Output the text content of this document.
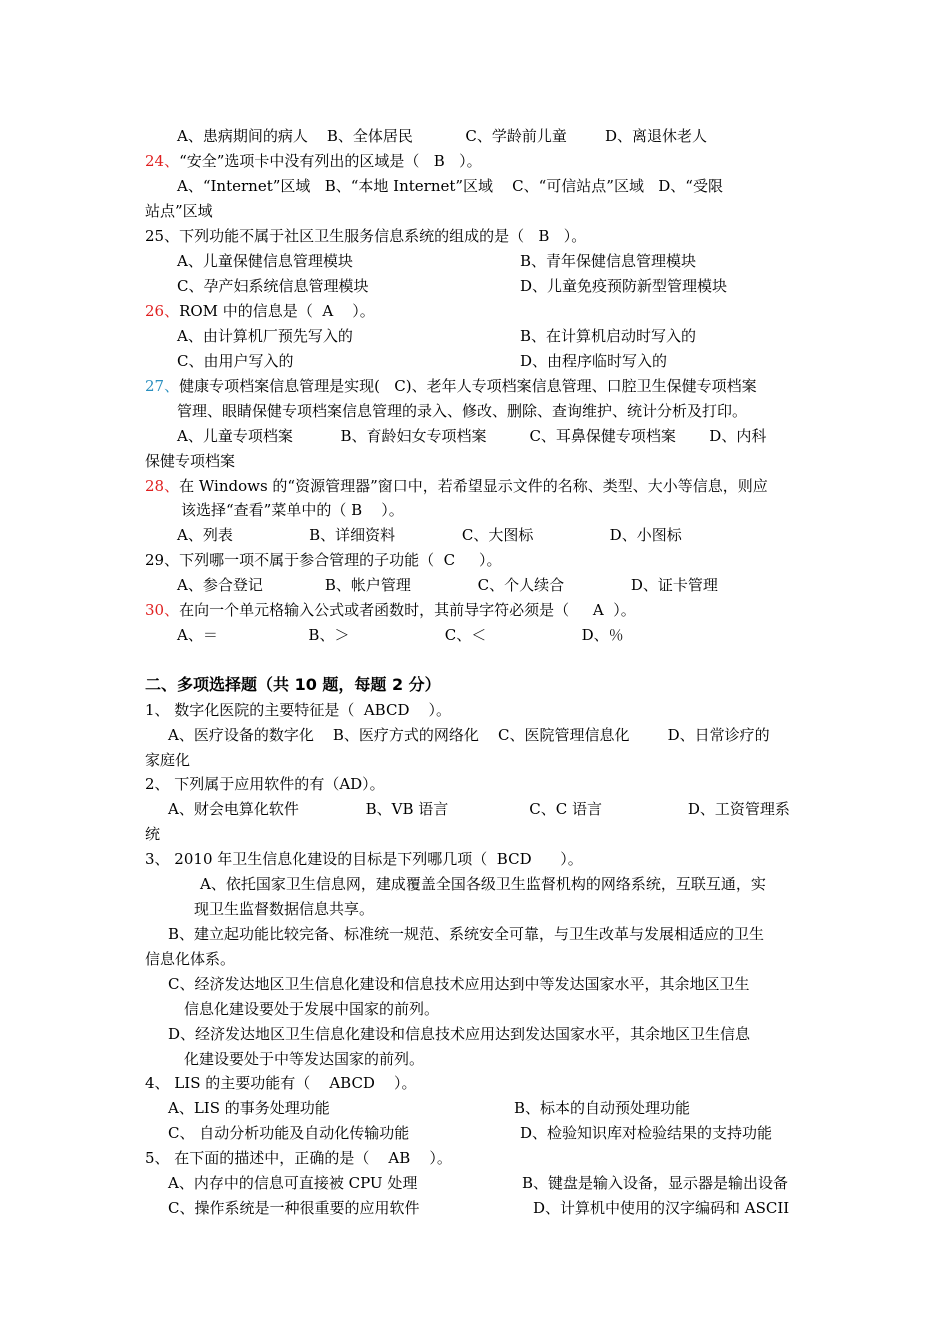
A、患病期间的病人    B、全体居民           C、学龄前儿童        D、离退休老人
24、“安全”选项卡中没有列出的区域是（   B   ）。
A、“Internet”区域   B、“本地 Internet”区域    C、“可信站点”区域   D、“受限
站点”区域
25、下列功能不属于社区卫生服务信息系统的组成的是（   B   ）。
A、儿童保健信息管理模块	B、青年保健信息管理模块
C、孕产妇系统信息管理模块	D、儿童免疫预防新型管理模块
26、ROM 中的信息是（  A    ）。
A、由计算机厂预先写入的	B、在计算机启动时写入的
C、由用户写入的	D、由程序临时写入的
27、健康专项档案信息管理是实现(   C)、老年人专项档案信息管理、口腔卫生保健专项档案
管理、眼睛保健专项档案信息管理的录入、修改、删除、查询维护、统计分析及打印。
A、儿童专项档案          B、育龄妇女专项档案         C、耳鼻保健专项档案       D、内科
保健专项档案
28、在 Windows 的“资源管理器”窗口中，若希望显示文件的名称、类型、大小等信息，则应
该选择“查看”菜单中的（ B    ）。
A、列表                B、详细资料              C、大图标                D、小图标
29、下列哪一项不属于参合管理的子功能（  C     ）。
A、参合登记             B、帐户管理              C、个人续合              D、证卡管理
30、在向一个单元格输入公式或者函数时，其前导字符必须是（     A  ）。
A、＝                   B、＞                    C、＜                    D、％
二、多项选择题（共 10 题，每题 2 分）
1、 数字化医院的主要特征是（  ABCD    ）。
A、医疗设备的数字化    B、医疗方式的网络化    C、医院管理信息化        D、日常诊疗的
家庭化
2、 下列属于应用软件的有（AD）。
A、财会电算化软件              B、VB 语言                 C、C 语言                  D、工资管理系
统
3、 2010 年卫生信息化建设的目标是下列哪几项（  BCD      ）。
A、依托国家卫生信息网，建成覆盖全国各级卫生监督机构的网络系统，互联互通，实
现卫生监督数据信息共享。
B、建立起功能比较完备、标准统一规范、系统安全可靠，与卫生改革与发展相适应的卫生
信息化体系。
C、经济发达地区卫生信息化建设和信息技术应用达到中等发达国家水平，其余地区卫生
信息化建设要处于发展中国家的前列。
D、经济发达地区卫生信息化建设和信息技术应用达到发达国家水平，其余地区卫生信息
化建设要处于中等发达国家的前列。
4、 LIS 的主要功能有（    ABCD    ）。
A、LIS 的事务处理功能	B、标本的自动预处理功能
C、 自动分析功能及自动化传输功能	D、检验知识库对检验结果的支持功能
5、 在下面的描述中，正确的是（    AB    ）。
A、内存中的信息可直接被 CPU 处理	B、键盘是输入设备，显示器是输出设备
C、操作系统是一种很重要的应用软件	D、计算机中使用的汉字编码和 ASCII
